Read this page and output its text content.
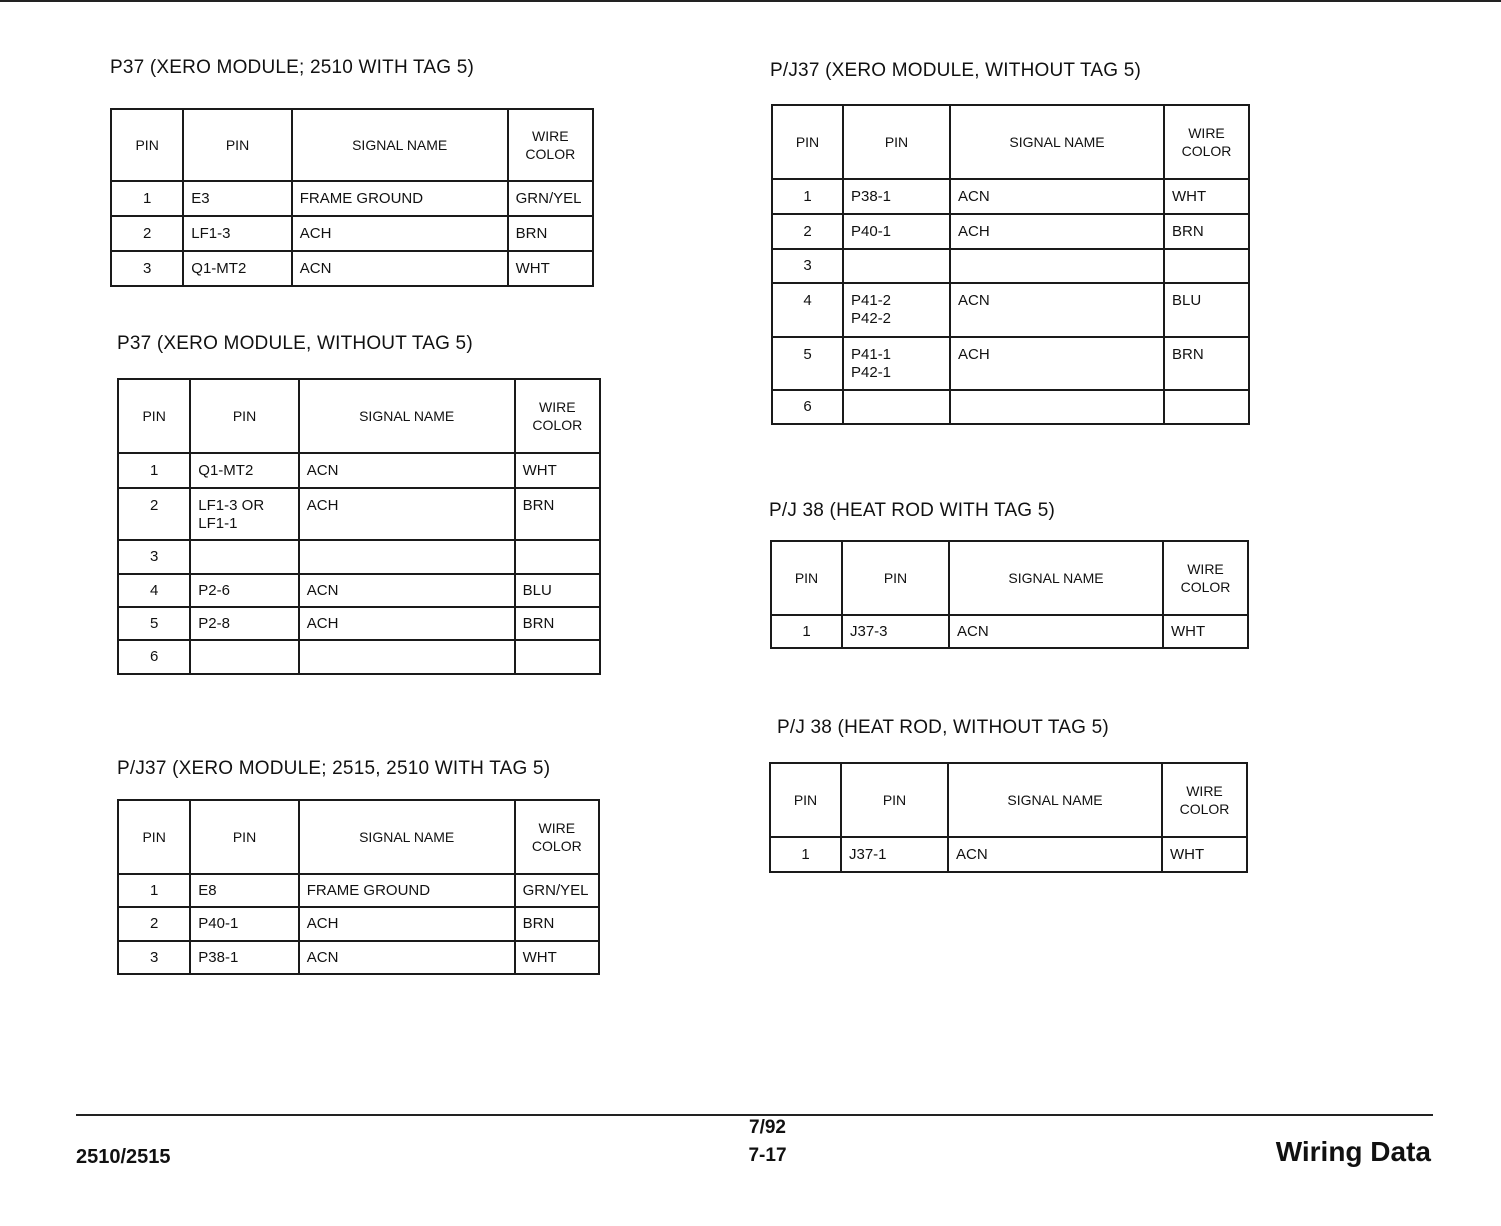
P37 (XERO MODULE; 2510 WITH TAG 5)
PIN	PIN	SIGNAL NAME	WIRE
COLOR

1	E3	FRAME GROUND	GRN/YEL

2	LF1-3	ACH	BRN

3	Q1-MT2	ACN	WHT
P37 (XERO MODULE, WITHOUT TAG 5)
PIN	PIN	SIGNAL NAME	WIRE
COLOR

1	Q1-MT2	ACN	WHT

2	LF1-3 OR
LF1-1	ACH	BRN

3			

4	P2-6	ACN	BLU

5	P2-8	ACH	BRN

6			

P/J37 (XERO MODULE; 2515, 2510 WITH TAG 5)
PIN	PIN	SIGNAL NAME	WIRE
COLOR

1	E8	FRAME GROUND	GRN/YEL

2	P40-1	ACH	BRN

3	P38-1	ACN	WHT
P/J37 (XERO MODULE, WITHOUT TAG 5)
PIN	PIN	SIGNAL NAME	WIRE
COLOR

1	P38-1	ACN	WHT

2	P40-1	ACH	BRN

3			

4	P41-2
P42-2	ACN	BLU

5	P41-1
P42-1	ACH	BRN

6			

P/J 38 (HEAT ROD WITH TAG 5)
PIN	PIN	SIGNAL NAME	WIRE
COLOR

1	J37-3	ACN	WHT
P/J 38 (HEAT ROD, WITHOUT TAG 5)
PIN	PIN	SIGNAL NAME	WIRE
COLOR

1	J37-1	ACN	WHT
2510/2515
7/92
7-17	Wiring Data
